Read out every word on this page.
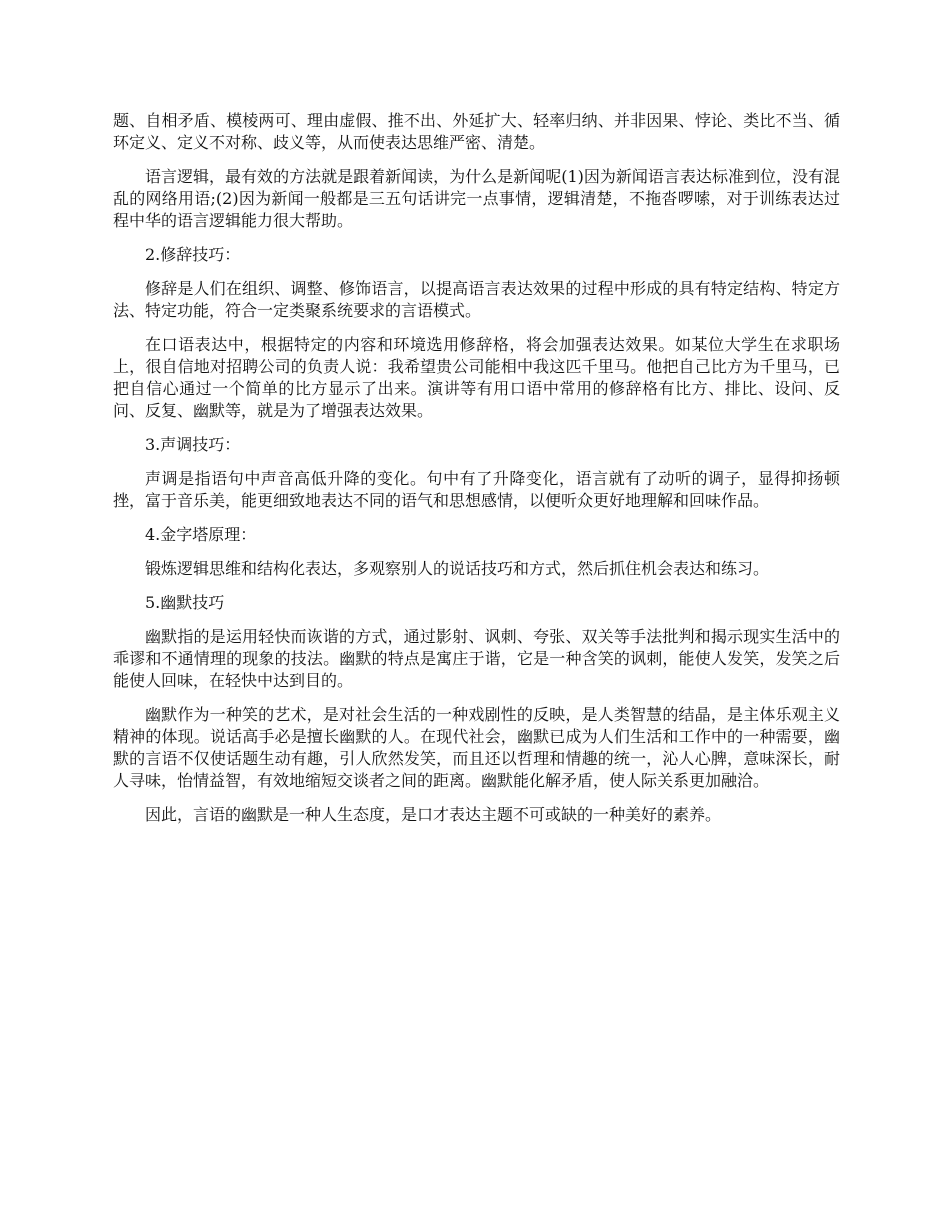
题、自相矛盾、模棱两可、理由虚假、推不出、外延扩大、轻率归纳、并非因果、悖论、类比不当、循环定义、定义不对称、歧义等，从而使表达思维严密、清楚。

语言逻辑，最有效的方法就是跟着新闻读，为什么是新闻呢(1)因为新闻语言表达标准到位，没有混乱的网络用语;(2)因为新闻一般都是三五句话讲完一点事情，逻辑清楚，不拖沓啰嗦，对于训练表达过程中华的语言逻辑能力很大帮助。

2.修辞技巧：

修辞是人们在组织、调整、修饰语言，以提高语言表达效果的过程中形成的具有特定结构、特定方法、特定功能，符合一定类聚系统要求的言语模式。

在口语表达中，根据特定的内容和环境选用修辞格，将会加强表达效果。如某位大学生在求职场上，很自信地对招聘公司的负责人说：我希望贵公司能相中我这匹千里马。他把自己比方为千里马，已把自信心通过一个简单的比方显示了出来。演讲等有用口语中常用的修辞格有比方、排比、设问、反问、反复、幽默等，就是为了增强表达效果。

3.声调技巧：

声调是指语句中声音高低升降的变化。句中有了升降变化，语言就有了动听的调子，显得抑扬顿挫，富于音乐美，能更细致地表达不同的语气和思想感情，以便听众更好地理解和回味作品。

4.金字塔原理：

锻炼逻辑思维和结构化表达，多观察别人的说话技巧和方式，然后抓住机会表达和练习。

5.幽默技巧

幽默指的是运用轻快而诙谐的方式，通过影射、讽刺、夸张、双关等手法批判和揭示现实生活中的乖谬和不通情理的现象的技法。幽默的特点是寓庄于谐，它是一种含笑的讽刺，能使人发笑，发笑之后能使人回味，在轻快中达到目的。

幽默作为一种笑的艺术，是对社会生活的一种戏剧性的反映，是人类智慧的结晶，是主体乐观主义精神的体现。说话高手必是擅长幽默的人。在现代社会，幽默已成为人们生活和工作中的一种需要，幽默的言语不仅使话题生动有趣，引人欣然发笑，而且还以哲理和情趣的统一，沁人心脾，意味深长，耐人寻味，怡情益智，有效地缩短交谈者之间的距离。幽默能化解矛盾，使人际关系更加融洽。

因此，言语的幽默是一种人生态度，是口才表达主题不可或缺的一种美好的素养。
